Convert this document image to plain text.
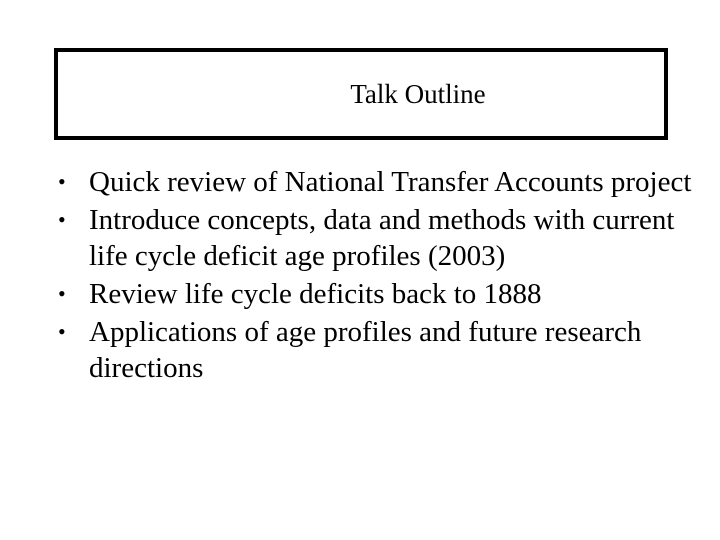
Talk Outline
• Quick review of National Transfer Accounts project
• Introduce concepts, data and methods with current life cycle deficit age profiles (2003)
• Review life cycle deficits back to 1888
• Applications of age profiles and future research directions
